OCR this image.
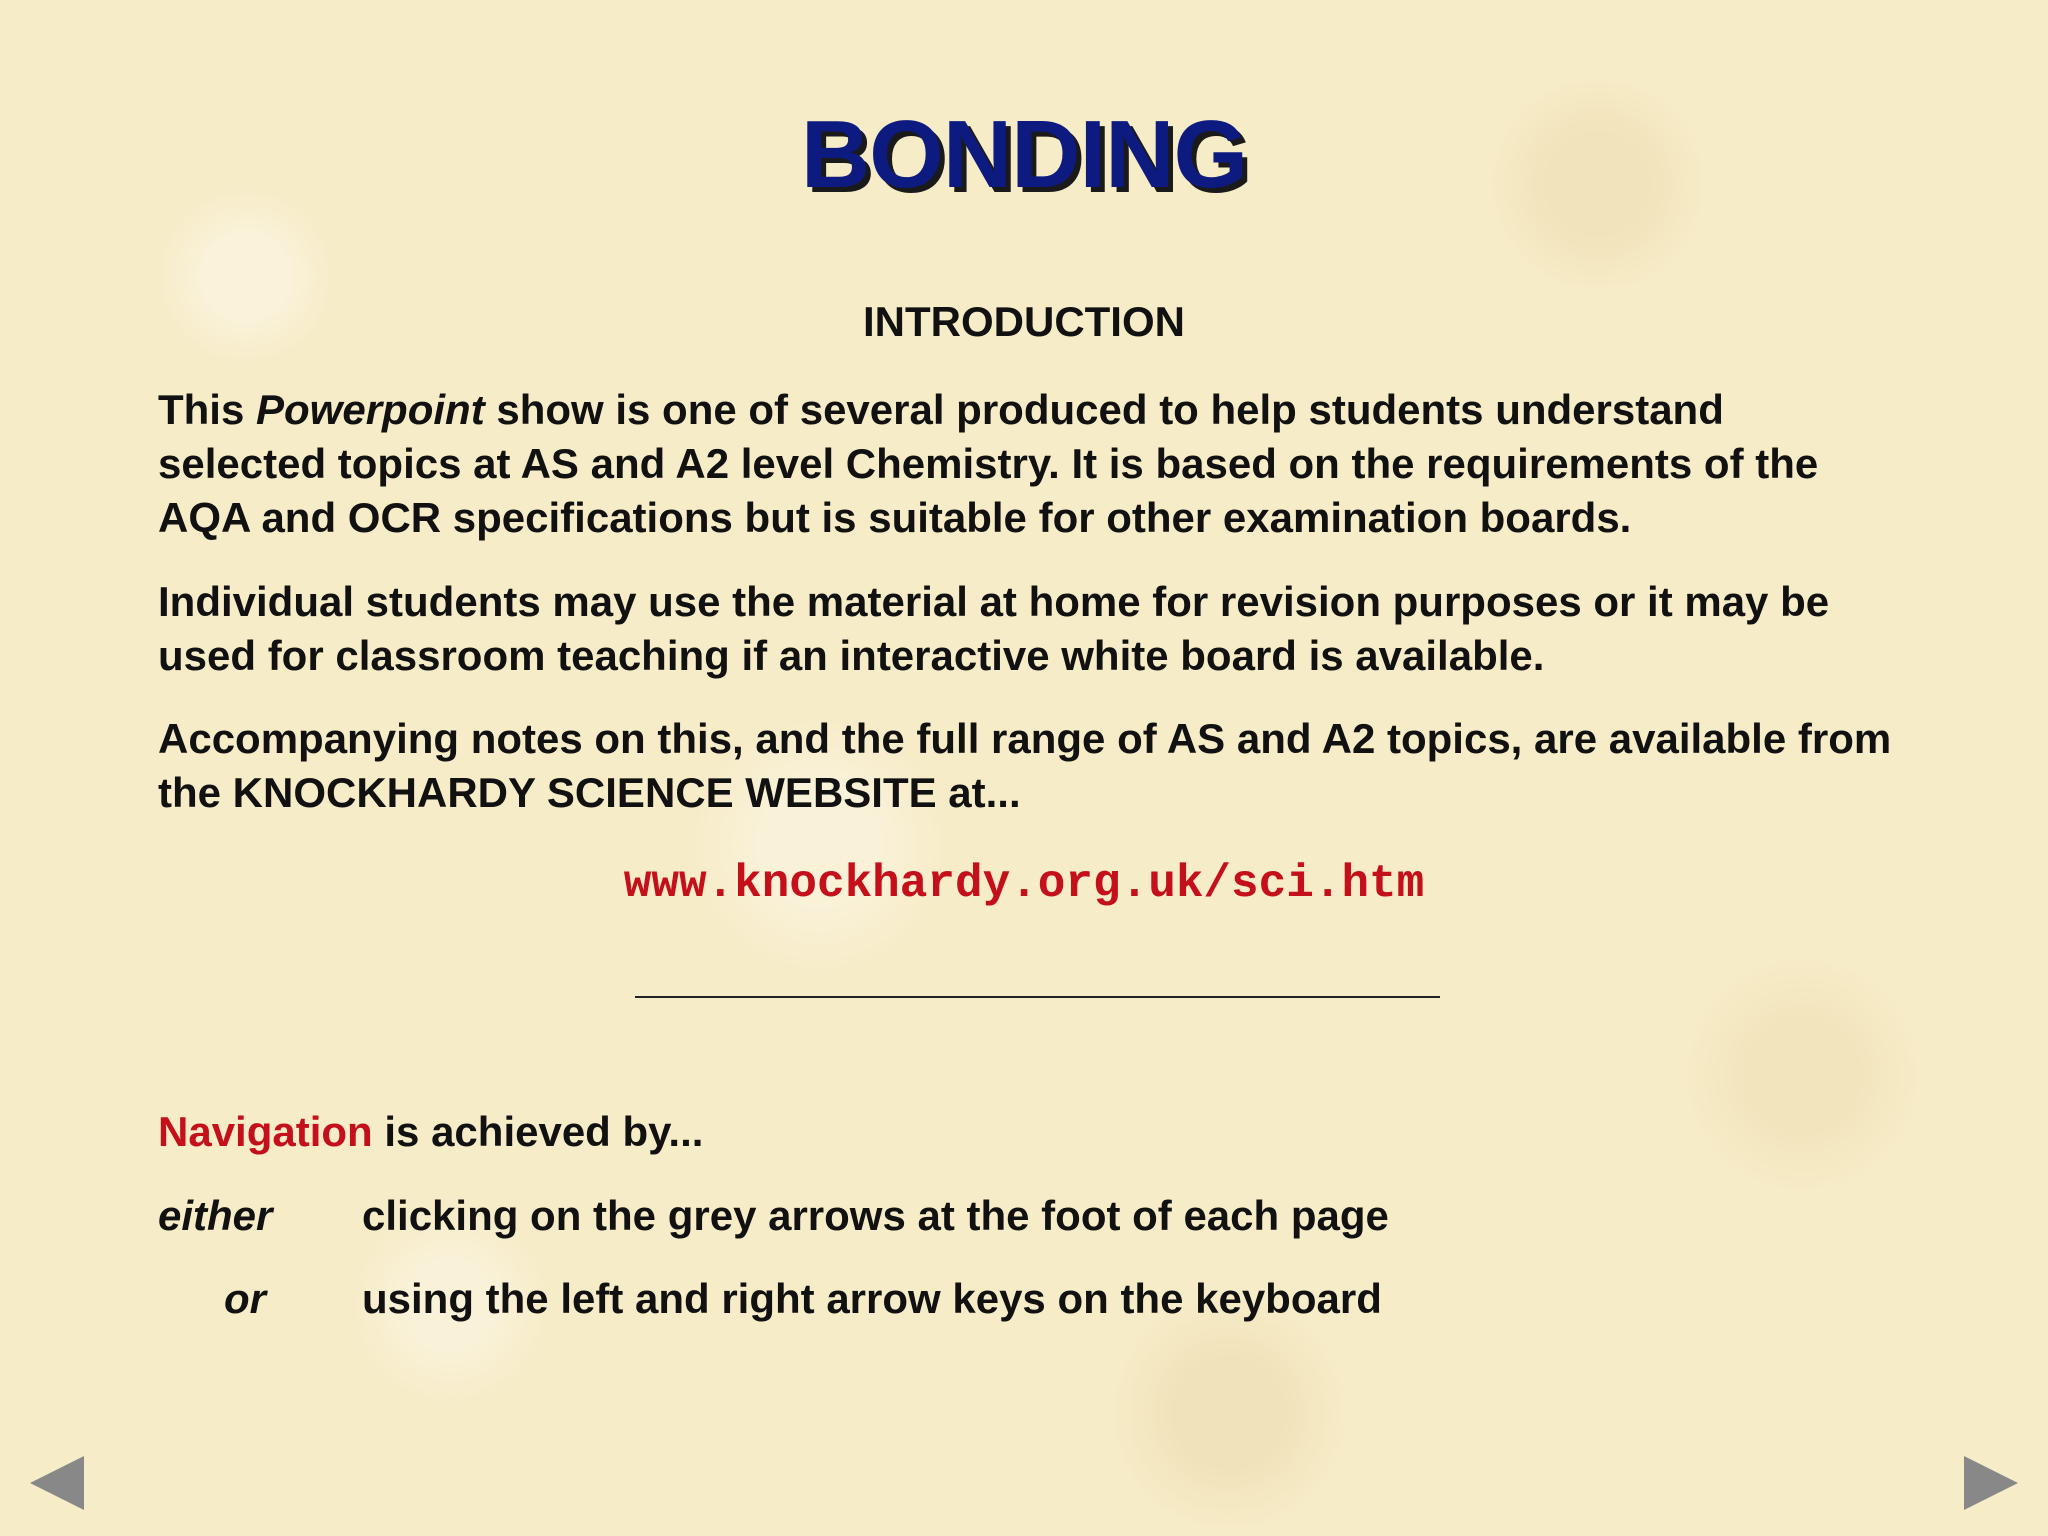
BONDING
INTRODUCTION

This Powerpoint show is one of several produced to help students understand selected topics at AS and A2 level Chemistry. It is based on the requirements of the AQA and OCR specifications but is suitable for other examination boards.

Individual students may use the material at home for revision purposes or it may be used for classroom teaching if an interactive white board is available.

Accompanying notes on this, and the full range of AS and A2 topics, are available from the KNOCKHARDY SCIENCE WEBSITE at...

www.knockhardy.org.uk/sci.htm

Navigation is achieved by...

either	clicking on the grey arrows at the foot of each page
or using the left and right arrow keys on the keyboard
